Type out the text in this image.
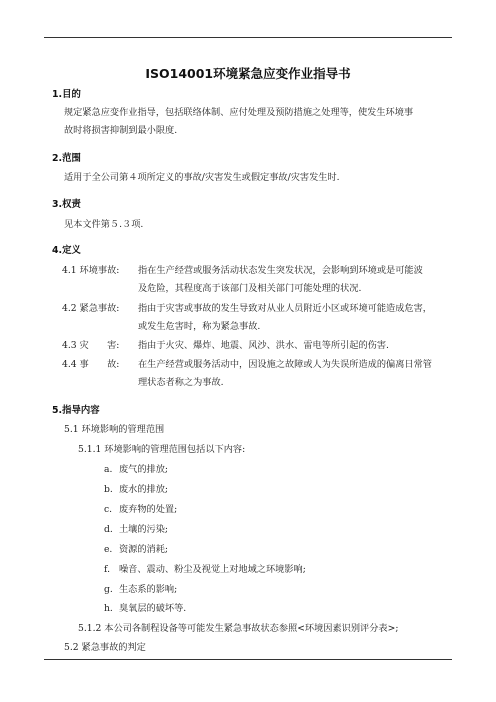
ISO14001环境紧急应变作业指导书
1.目的
规定紧急应变作业指导，包括联络体制、应付处理及预防措施之处理等，使发生环境事
故时将损害抑制到最小限度.
2.范围
适用于全公司第４项所定义的事故/灾害发生或假定事故/灾害发生时.
3.权责
见本文件第５.３项.
4.定义
4.1 环境事故: 指在生产经营或服务活动状态发生突发状况，会影响到环境或是可能波
及危险，其程度高于该部门及相关部门可能处理的状况.
4.2 紧急事故: 指由于灾害或事故的发生导致对从业人员附近小区或环境可能造成危害，
或发生危害时，称为紧急事故.
4.3 灾　　害: 指由于火灾、爆炸、地震、风沙、洪水、雷电等所引起的伤害.
4.4 事　　故: 在生产经营或服务活动中，因设施之故障或人为失误所造成的偏离日常管
理状态者称之为事故.
5.指导内容
5.1 环境影响的管理范围
5.1.1 环境影响的管理范围包括以下内容:
a. 废气的排放;
b. 废水的排放;
c. 废弃物的处置;
d. 土壤的污染;
e. 资源的消耗;
f. 噪音、震动、粉尘及视觉上对地域之环境影响;
g. 生态系的影响;
h. 臭氧层的破坏等.
5.1.2 本公司各制程设备等可能发生紧急事故状态参照<环境因素识别评分表>;
5.2 紧急事故的判定
